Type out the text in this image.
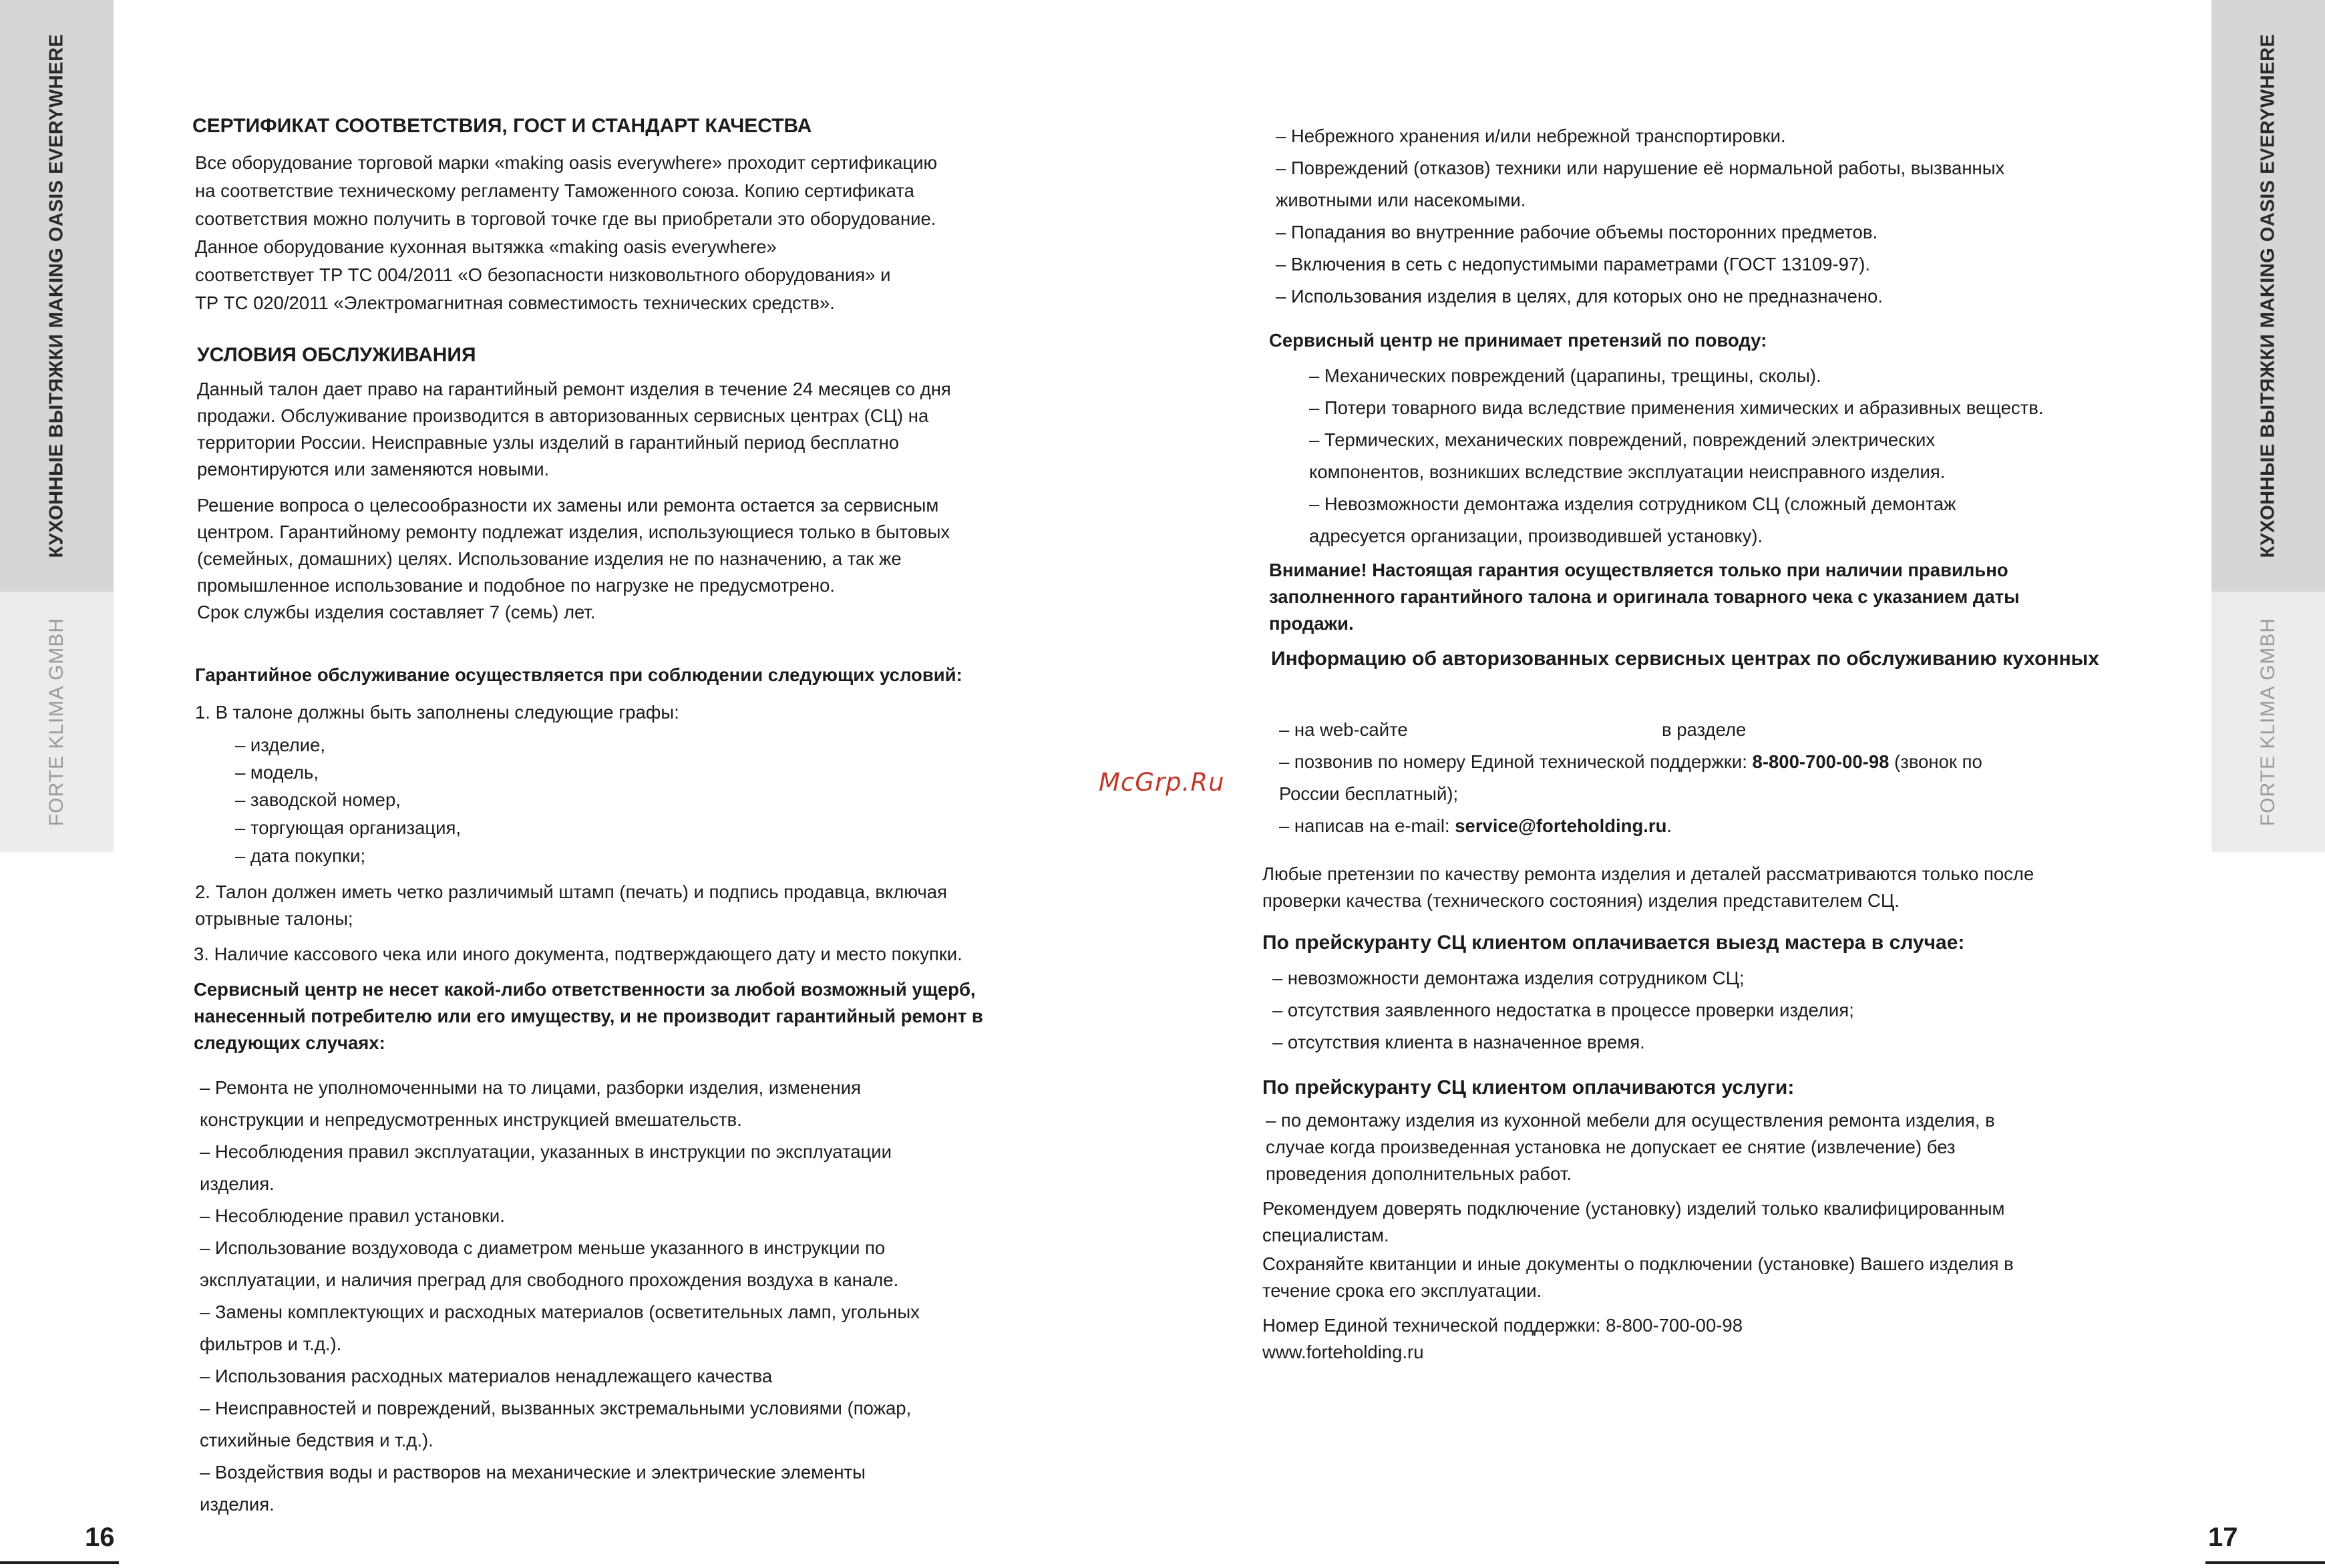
КУХОННЫЕ ВЫТЯЖКИ MAKING OASIS EVERYWHERE
FORTE KLIMA GMBH
КУХОННЫЕ ВЫТЯЖКИ MAKING OASIS EVERYWHERE
FORTE KLIMA GMBH
16	17
McGrp.Ru
СЕРТИФИКАТ СООТВЕТСТВИЯ, ГОСТ И СТАНДАРТ КАЧЕСТВА
Все оборудование торговой марки «making oasis everywhere» проходит сертификацию
на соответствие техническому регламенту Таможенного союза. Копию сертификата
соответствия можно получить в торговой точке где вы приобретали это оборудование.
Данное оборудование кухонная вытяжка «making oasis everywhere»
соответствует ТР ТС 004/2011 «О безопасности низковольтного оборудования» и
ТР ТС 020/2011 «Электромагнитная совместимость технических средств».
УСЛОВИЯ ОБСЛУЖИВАНИЯ
Данный талон дает право на гарантийный ремонт изделия в течение 24 месяцев со дня
продажи. Обслуживание производится в авторизованных сервисных центрах (СЦ) на
территории России. Неисправные узлы изделий в гарантийный период бесплатно
ремонтируются или заменяются новыми.
Решение вопроса о целесообразности их замены или ремонта остается за сервисным
центром. Гарантийному ремонту подлежат изделия, использующиеся только в бытовых
(семейных, домашних) целях. Использование изделия не по назначению, а так же
промышленное использование и подобное по нагрузке не предусмотрено.
Срок службы изделия составляет 7 (семь) лет.
Гарантийное обслуживание осуществляется при соблюдении следующих условий:
1. В талоне должны быть заполнены следующие графы:
– изделие,
– модель,
– заводской номер,
– торгующая организация,
– дата покупки;
2. Талон должен иметь четко различимый штамп (печать) и подпись продавца, включая
отрывные талоны;
3. Наличие кассового чека или иного документа, подтверждающего дату и место покупки.
Сервисный центр не несет какой-либо ответственности за любой возможный ущерб,
нанесенный потребителю или его имуществу, и не производит гарантийный ремонт в
следующих случаях:
– Ремонта не уполномоченными на то лицами, разборки изделия, изменения
конструкции и непредусмотренных инструкцией вмешательств.
– Несоблюдения правил эксплуатации, указанных в инструкции по эксплуатации
изделия.
– Несоблюдение правил установки.
– Использование воздуховода с диаметром меньше указанного в инструкции по
эксплуатации, и наличия преград для свободного прохождения воздуха в канале.
– Замены комплектующих и расходных материалов (осветительных ламп, угольных
фильтров и т.д.).
– Использования расходных материалов ненадлежащего качества
– Неисправностей и повреждений, вызванных экстремальными условиями (пожар,
стихийные бедствия и т.д.).
– Воздействия воды и растворов на механические и электрические элементы
изделия.
– Небрежного хранения и/или небрежной транспортировки.
– Повреждений (отказов) техники или нарушение её нормальной работы, вызванных
животными или насекомыми.
– Попадания во внутренние рабочие объемы посторонних предметов.
– Включения в сеть с недопустимыми параметрами (ГОСТ 13109-97).
– Использования изделия в целях, для которых оно не предназначено.
Сервисный центр не принимает претензий по поводу:
– Механических повреждений (царапины, трещины, сколы).
– Потери товарного вида вследствие применения химических и абразивных веществ.
– Термических, механических повреждений, повреждений электрических
компонентов, возникших вследствие эксплуатации неисправного изделия.
– Невозможности демонтажа изделия сотрудником СЦ (сложный демонтаж
адресуется организации, производившей установку).
Внимание! Настоящая гарантия осуществляется только при наличии правильно
заполненного гарантийного талона и оригинала товарного чека с указанием даты
продажи.
Информацию об авторизованных сервисных центрах по обслуживанию кухонных
– на web-сайте	в разделе
– позвонив по номеру Единой технической поддержки: 8-800-700-00-98 (звонок по
России бесплатный);
– написав на e-mail: service@forteholding.ru.
Любые претензии по качеству ремонта изделия и деталей рассматриваются только после
проверки качества (технического состояния) изделия представителем СЦ.
По прейскуранту СЦ клиентом оплачивается выезд мастера в случае:
– невозможности демонтажа изделия сотрудником СЦ;
– отсутствия заявленного недостатка в процессе проверки изделия;
– отсутствия клиента в назначенное время.
По прейскуранту СЦ клиентом оплачиваются услуги:
– по демонтажу изделия из кухонной мебели для осуществления ремонта изделия, в
случае когда произведенная установка не допускает ее снятие (извлечение) без
проведения дополнительных работ.
Рекомендуем доверять подключение (установку) изделий только квалифицированным
специалистам.
Сохраняйте квитанции и иные документы о подключении (установке) Вашего изделия в
течение срока его эксплуатации.
Номер Единой технической поддержки: 8-800-700-00-98
www.forteholding.ru
